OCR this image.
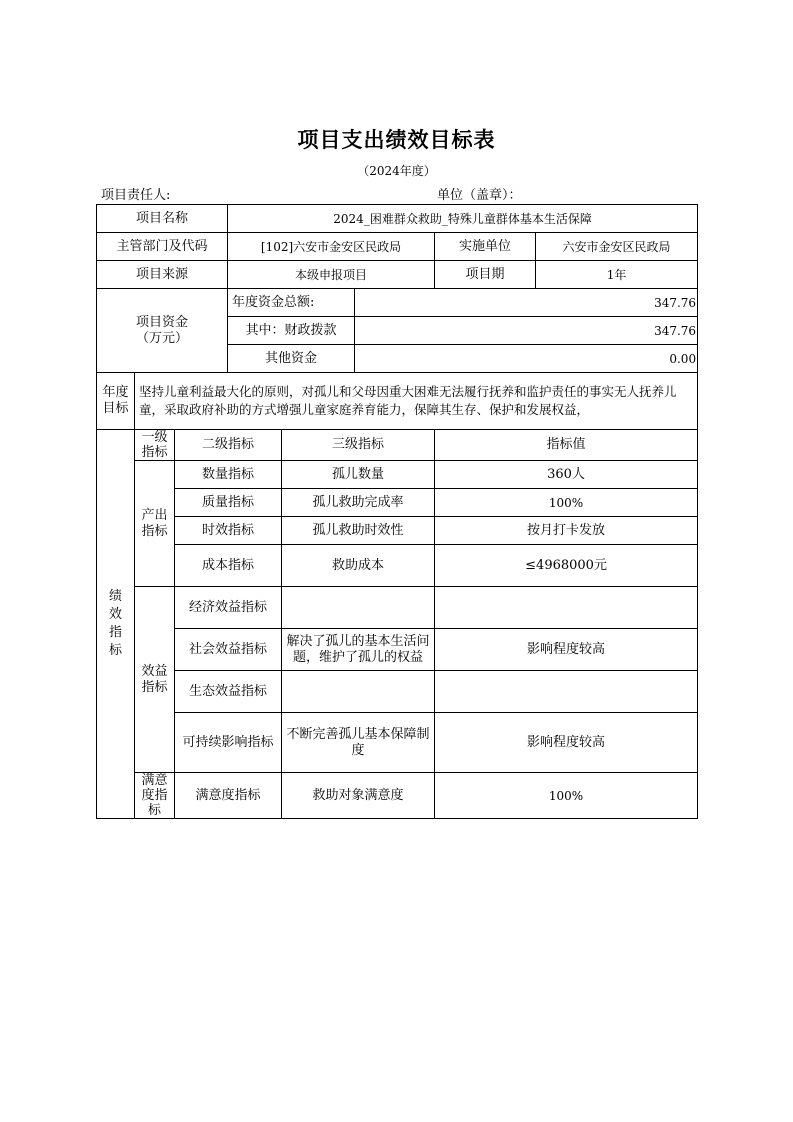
项目支出绩效目标表
（2024年度）
项目责任人:	单位（盖章）：
项目名称			2024_困难群众救助_特殊儿童群体基本生活保障				
主管部门及代码			[102]六安市金安区民政局			实施单位	六安市金安区民政局
项目来源			本级申报项目			项目期	1年

项目资金
（万元）			年度资金总额:		347.76		
			其中：财政拨款		347.76		
			其他资金		0.00		

年度
目标	坚持儿童利益最大化的原则，对孤儿和父母因重大困难无法履行抚养和监护责任的事实无人抚养儿童，采取政府补助的方式增强儿童家庭养育能力，保障其生存、保护和发展权益，						

绩
效
指
标	一级指标	二级指标		三级指标		指标值	
	产出指标	数量指标		孤儿数量		360人	
		质量指标		孤儿救助完成率		100%	
		时效指标		孤儿救助时效性		按月打卡发放	
		成本指标		救助成本		≤4968000元	
	效益指标	经济效益指标					
		社会效益指标		解决了孤儿的基本生活问题，维护了孤儿的权益		影响程度较高	
		生态效益指标					
		可持续影响指标		不断完善孤儿基本保障制度		影响程度较高	
	满意度指标	满意度指标		救助对象满意度		100%	
